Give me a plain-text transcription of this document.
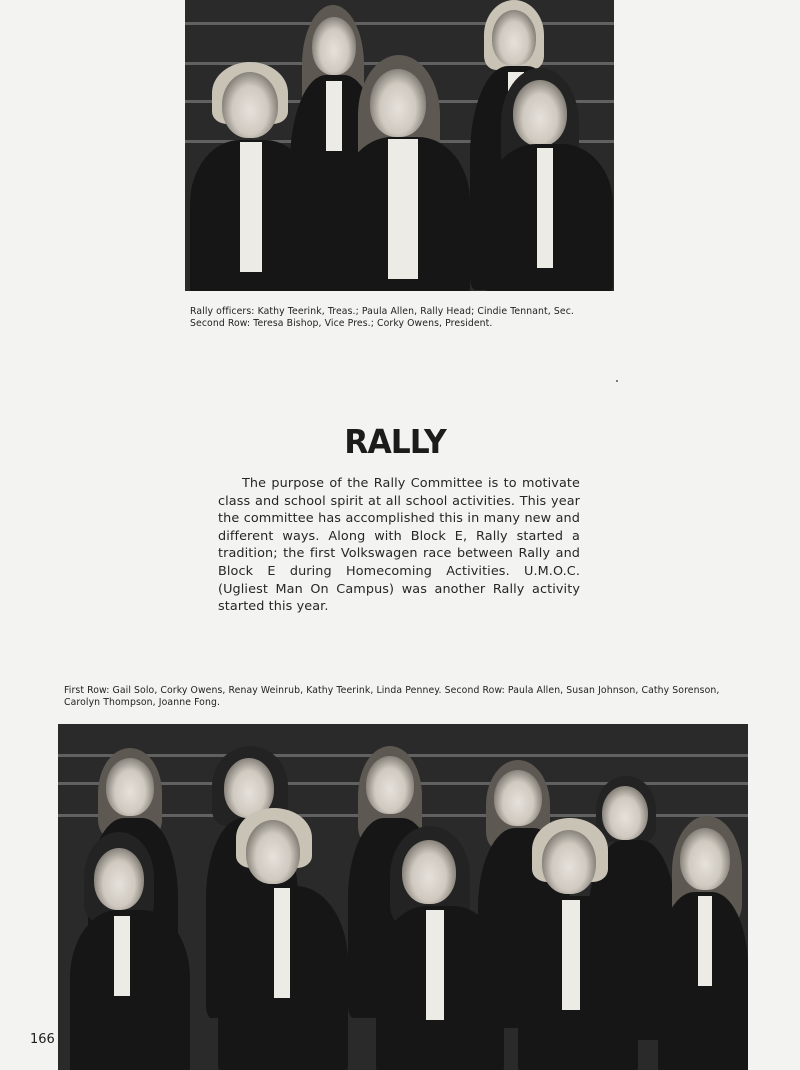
Rally officers: Kathy Teerink, Treas.; Paula Allen, Rally Head; Cindie Tennant, Sec.
Second Row: Teresa Bishop, Vice Pres.; Corky Owens, President.
RALLY
The purpose of the Rally Committee is to motivate class and school spirit at all school activities. This year the committee has accomplished this in many new and different ways. Along with Block E, Rally started a tradition; the first Volkswagen race between Rally and Block E during Homecoming Activities. U.M.O.C. (Ugliest Man On Campus) was another Rally activity started this year.
First Row: Gail Solo, Corky Owens, Renay Weinrub, Kathy Teerink, Linda Penney. Second Row: Paula Allen, Susan Johnson, Cathy Sorenson, Carolyn Thompson, Joanne Fong.
166
